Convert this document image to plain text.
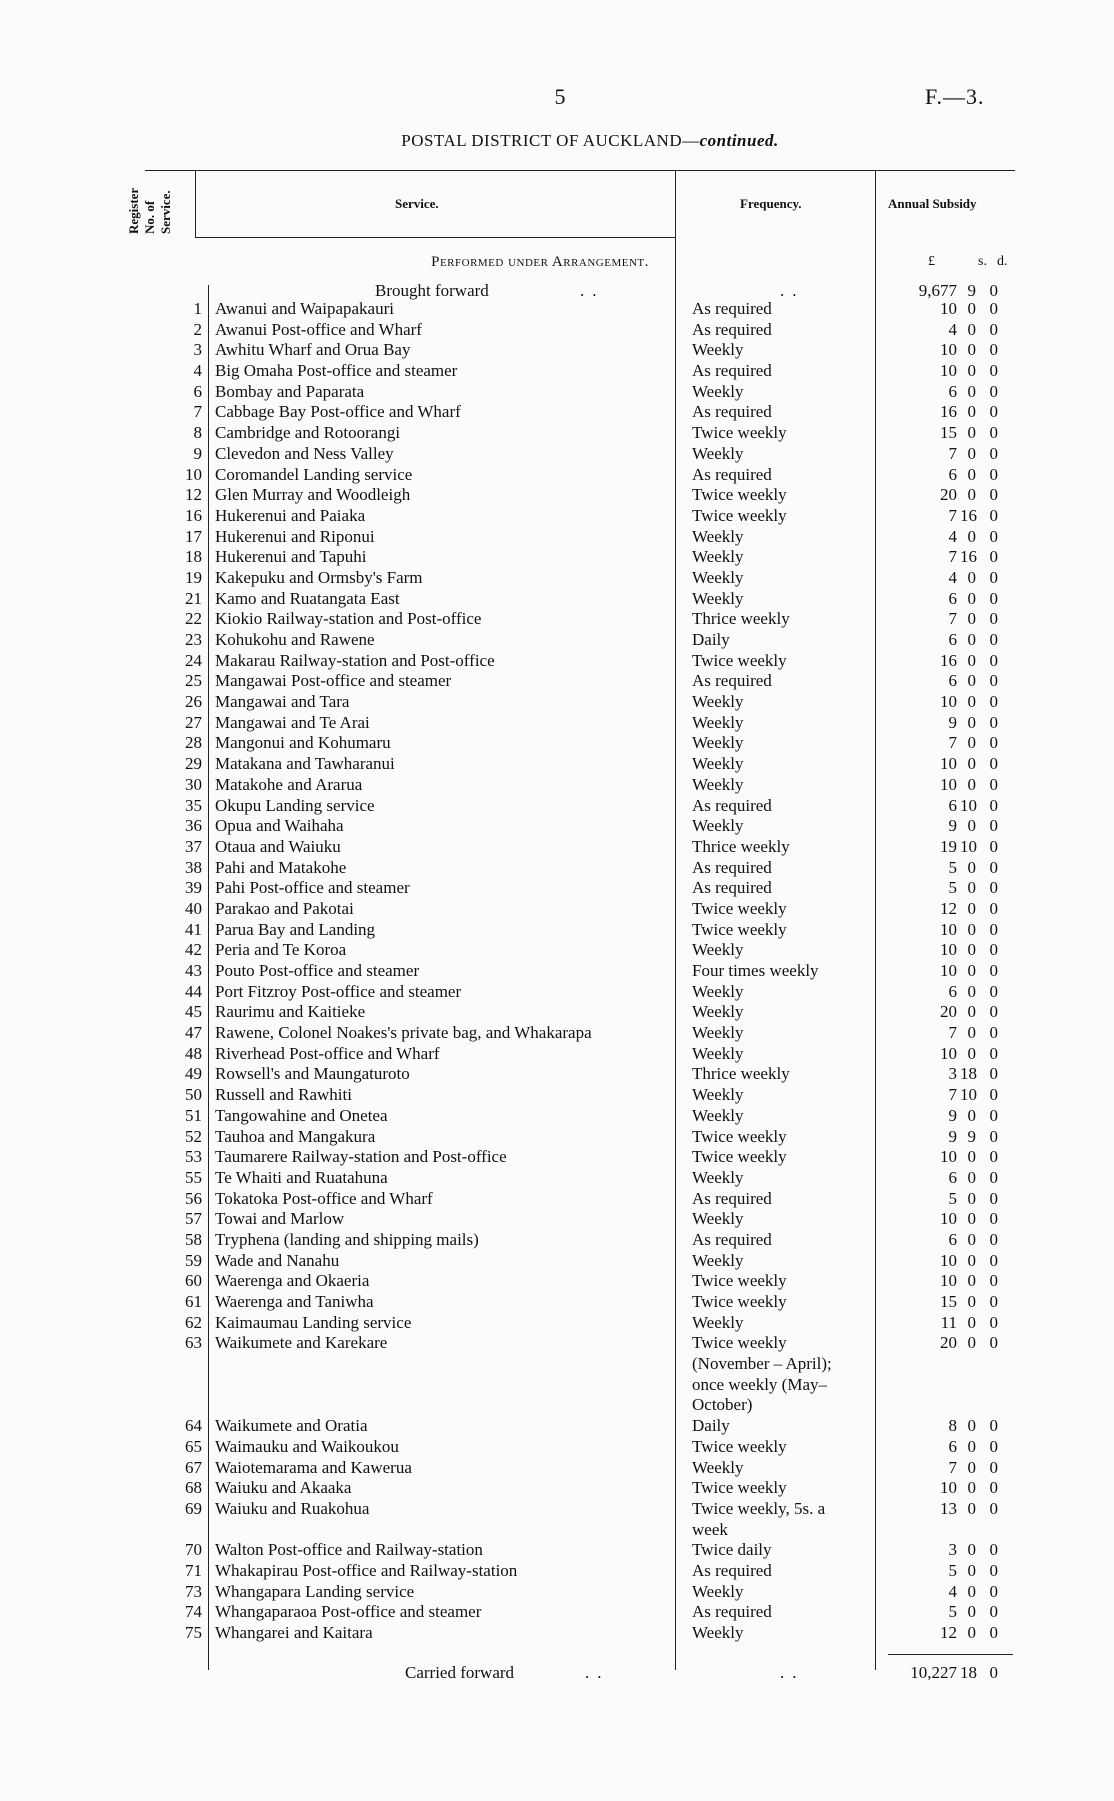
5	F.—3.
POSTAL DISTRICT OF AUCKLAND—continued.
Register No. of Service.	Service.	Frequency.	Annual Subsidy
Performed under Arrangement.	£	s. d.
Brought forward	..	..	9,677 9 0
1 Awanui and Waipapakauri	As required	10 0 0
2 Awanui Post-office and Wharf	As required	4 0 0
3 Awhitu Wharf and Orua Bay	Weekly	10 0 0
4 Big Omaha Post-office and steamer	As required	10 0 0
6 Bombay and Paparata	Weekly	6 0 0
7 Cabbage Bay Post-office and Wharf	As required	16 0 0
8 Cambridge and Rotoorangi	Twice weekly	15 0 0
9 Clevedon and Ness Valley	Weekly	7 0 0
10 Coromandel Landing service	As required	6 0 0
12 Glen Murray and Woodleigh	Twice weekly	20 0 0
16 Hukerenui and Paiaka	Twice weekly	7 16 0
17 Hukerenui and Riponui	Weekly	4 0 0
18 Hukerenui and Tapuhi	Weekly	7 16 0
19 Kakepuku and Ormsby's Farm	Weekly	4 0 0
21 Kamo and Ruatangata East	Weekly	6 0 0
22 Kiokio Railway-station and Post-office	Thrice weekly	7 0 0
23 Kohukohu and Rawene	Daily	6 0 0
24 Makarau Railway-station and Post-office	Twice weekly	16 0 0
25 Mangawai Post-office and steamer	As required	6 0 0
26 Mangawai and Tara	Weekly	10 0 0
27 Mangawai and Te Arai	Weekly	9 0 0
28 Mangonui and Kohumaru	Weekly	7 0 0
29 Matakana and Tawharanui	Weekly	10 0 0
30 Matakohe and Ararua	Weekly	10 0 0
35 Okupu Landing service	As required	6 10 0
36 Opua and Waihaha	Weekly	9 0 0
37 Otaua and Waiuku	Thrice weekly	19 10 0
38 Pahi and Matakohe	As required	5 0 0
39 Pahi Post-office and steamer	As required	5 0 0
40 Parakao and Pakotai	Twice weekly	12 0 0
41 Parua Bay and Landing	Twice weekly	10 0 0
42 Peria and Te Koroa	Weekly	10 0 0
43 Pouto Post-office and steamer	Four times weekly	10 0 0
44 Port Fitzroy Post-office and steamer	Weekly	6 0 0
45 Raurimu and Kaitieke	Weekly	20 0 0
47 Rawene, Colonel Noakes's private bag, and Whakarapa	Weekly	7 0 0
48 Riverhead Post-office and Wharf	Weekly	10 0 0
49 Rowsell's and Maungaturoto	Thrice weekly	3 18 0
50 Russell and Rawhiti	Weekly	7 10 0
51 Tangowahine and Onetea	Weekly	9 0 0
52 Tauhoa and Mangakura	Twice weekly	9 9 0
53 Taumarere Railway-station and Post-office	Twice weekly	10 0 0
55 Te Whaiti and Ruatahuna	Weekly	6 0 0
56 Tokatoka Post-office and Wharf	As required	5 0 0
57 Towai and Marlow	Weekly	10 0 0
58 Tryphena (landing and shipping mails)	As required	6 0 0
59 Wade and Nanahu	Weekly	10 0 0
60 Waerenga and Okaeria	Twice weekly	10 0 0
61 Waerenga and Taniwha	Twice weekly	15 0 0
62 Kaimaumau Landing service	Weekly	11 0 0
63 Waikumete and Karekare	Twice weekly (November – April); once weekly (May–October)
20 0 0
64 Waikumete and Oratia	Daily	8 0 0
65 Waimauku and Waikoukou	Twice weekly	6 0 0
67 Waiotemarama and Kawerua	Weekly	7 0 0
68 Waiuku and Akaaka	Twice weekly	10 0 0
69 Waiuku and Ruakohua	Twice weekly, 5s. a week
13 0 0
70 Walton Post-office and Railway-station	Twice daily	3 0 0
71 Whakapirau Post-office and Railway-station	As required	5 0 0
73 Whangapara Landing service	Weekly	4 0 0
74 Whangaparaoa Post-office and steamer	As required	5 0 0
75 Whangarei and Kaitara	Weekly	12 0 0
Carried forward	..	..	10,227 18 0
